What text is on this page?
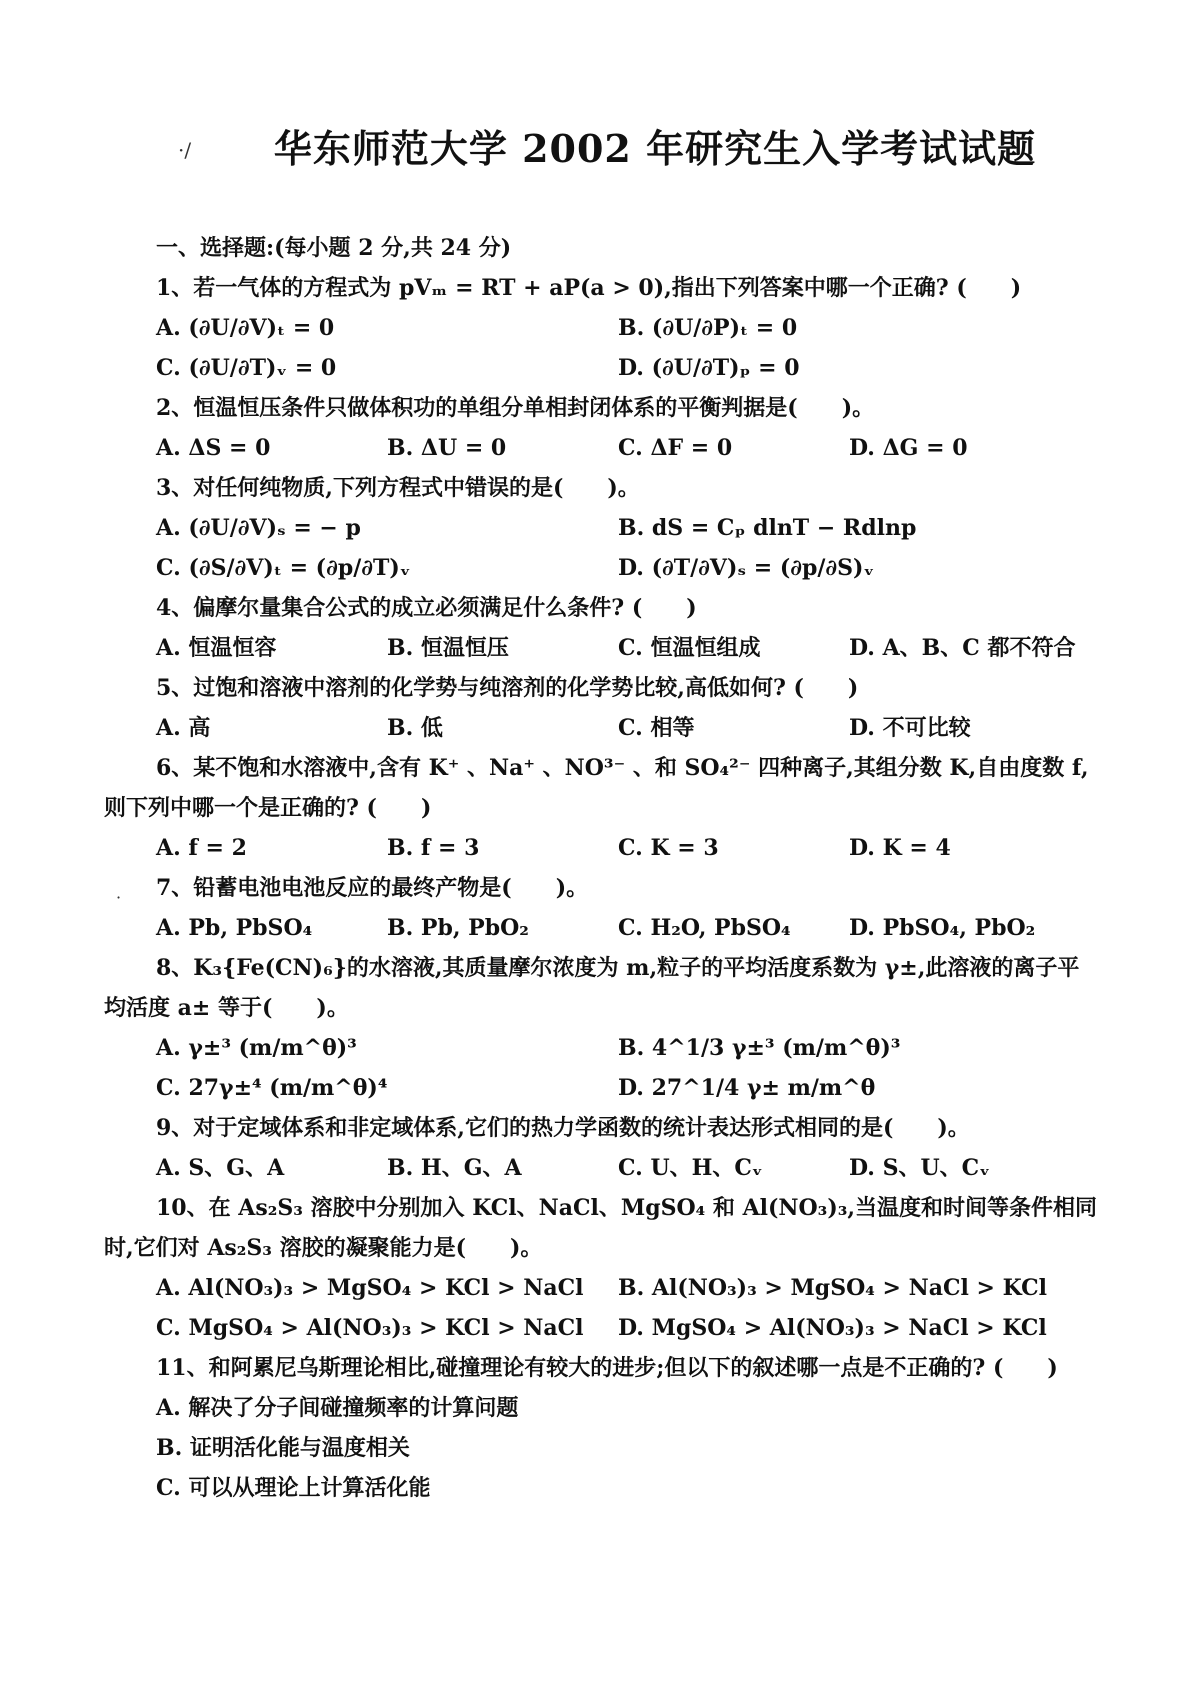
·/
·
华东师范大学 2002 年研究生入学考试试题
一、选择题:(每小题 2 分,共 24 分)
1、若一气体的方程式为 pVₘ = RT + aP(a > 0),指出下列答案中哪一个正确? (　　)
A. (∂U/∂V)ₜ = 0	B. (∂U/∂P)ₜ = 0
C. (∂U/∂T)ᵥ = 0	D. (∂U/∂T)ₚ = 0
2、恒温恒压条件只做体积功的单组分单相封闭体系的平衡判据是(　　)。
A. ΔS = 0	B. ΔU = 0	C. ΔF = 0	D. ΔG = 0
3、对任何纯物质,下列方程式中错误的是(　　)。
A. (∂U/∂V)ₛ = − p	B. dS = Cₚ dlnT − Rdlnp
C. (∂S/∂V)ₜ = (∂p/∂T)ᵥ	D. (∂T/∂V)ₛ = (∂p/∂S)ᵥ
4、偏摩尔量集合公式的成立必须满足什么条件? (　　)
A. 恒温恒容	B. 恒温恒压	C. 恒温恒组成	D. A、B、C 都不符合
5、过饱和溶液中溶剂的化学势与纯溶剂的化学势比较,高低如何? (　　)
A. 高	B. 低	C. 相等	D. 不可比较
6、某不饱和水溶液中,含有 K⁺ 、Na⁺ 、NO³⁻ 、和 SO₄²⁻ 四种离子,其组分数 K,自由度数 f,则下列中哪一个是正确的? (　　)
A. f = 2	B. f = 3	C. K = 3	D. K = 4
7、铅蓄电池电池反应的最终产物是(　　)。
A. Pb, PbSO₄	B. Pb, PbO₂	C. H₂O, PbSO₄	D. PbSO₄, PbO₂
8、K₃{Fe(CN)₆}的水溶液,其质量摩尔浓度为 m,粒子的平均活度系数为 γ±,此溶液的离子平均活度 a± 等于(　　)。
A. γ±³ (m/m^θ)³	B. 4^1/3 γ±³ (m/m^θ)³
C. 27γ±⁴ (m/m^θ)⁴	D. 27^1/4 γ± m/m^θ
9、对于定域体系和非定域体系,它们的热力学函数的统计表达形式相同的是(　　)。
A. S、G、A	B. H、G、A	C. U、H、Cᵥ	D. S、U、Cᵥ
10、在 As₂S₃ 溶胶中分别加入 KCl、NaCl、MgSO₄ 和 Al(NO₃)₃,当温度和时间等条件相同时,它们对 As₂S₃ 溶胶的凝聚能力是(　　)。
A. Al(NO₃)₃ > MgSO₄ > KCl > NaCl	B. Al(NO₃)₃ > MgSO₄ > NaCl > KCl
C. MgSO₄ > Al(NO₃)₃ > KCl > NaCl	D. MgSO₄ > Al(NO₃)₃ > NaCl > KCl
11、和阿累尼乌斯理论相比,碰撞理论有较大的进步;但以下的叙述哪一点是不正确的? (　　)
A. 解决了分子间碰撞频率的计算问题
B. 证明活化能与温度相关
C. 可以从理论上计算活化能
